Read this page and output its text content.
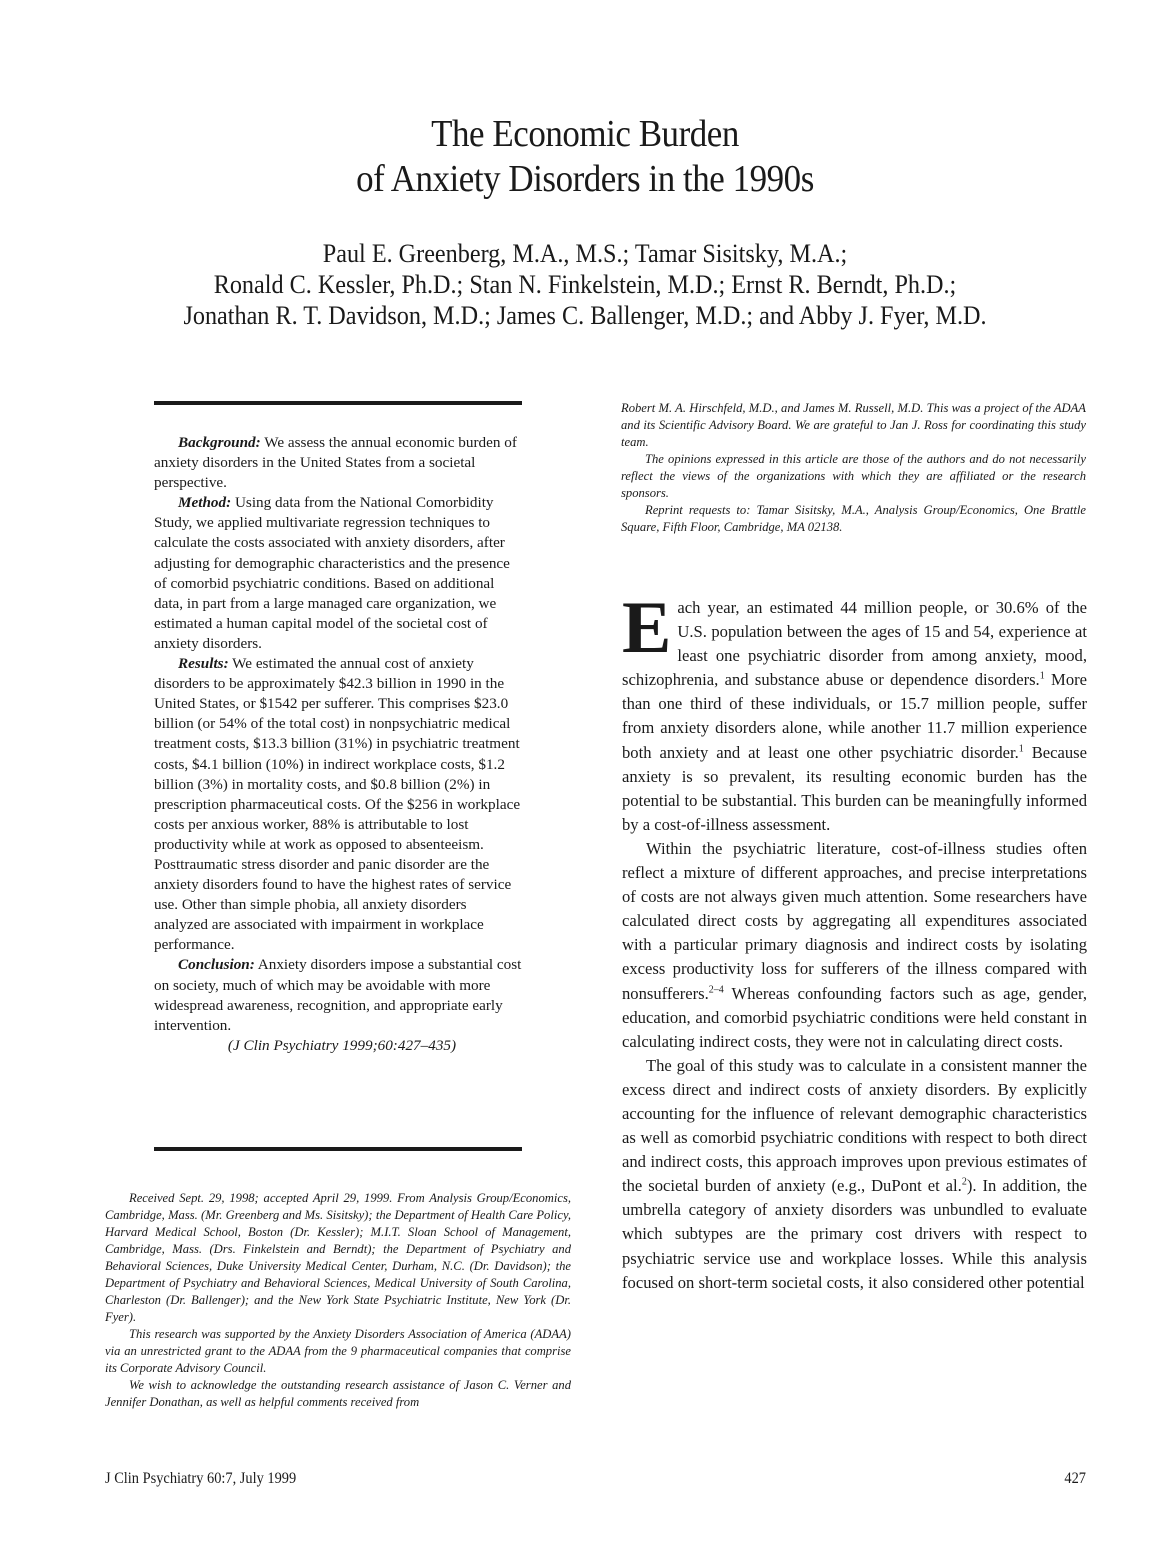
The Economic Burden
of Anxiety Disorders in the 1990s
Paul E. Greenberg, M.A., M.S.; Tamar Sisitsky, M.A.;
Ronald C. Kessler, Ph.D.; Stan N. Finkelstein, M.D.; Ernst R. Berndt, Ph.D.;
Jonathan R. T. Davidson, M.D.; James C. Ballenger, M.D.; and Abby J. Fyer, M.D.

Background: We assess the annual economic burden of anxiety disorders in the United States from a societal perspective.

Method: Using data from the National Comorbidity Study, we applied multivariate regression techniques to calculate the costs associated with anxiety disorders, after adjusting for demographic characteristics and the presence of comorbid psychiatric conditions. Based on additional data, in part from a large managed care organization, we estimated a human capital model of the societal cost of anxiety disorders.

Results: We estimated the annual cost of anxiety disorders to be approximately $42.3 billion in 1990 in the United States, or $1542 per sufferer. This comprises $23.0 billion (or 54% of the total cost) in nonpsychiatric medical treatment costs, $13.3 billion (31%) in psychiatric treatment costs, $4.1 billion (10%) in indirect workplace costs, $1.2 billion (3%) in mortality costs, and $0.8 billion (2%) in prescription pharmaceutical costs. Of the $256 in workplace costs per anxious worker, 88% is attributable to lost productivity while at work as opposed to absenteeism. Posttraumatic stress disorder and panic disorder are the anxiety disorders found to have the highest rates of service use. Other than simple phobia, all anxiety disorders analyzed are associated with impairment in workplace performance.

Conclusion: Anxiety disorders impose a substantial cost on society, much of which may be avoidable with more widespread awareness, recognition, and appropriate early intervention.

(J Clin Psychiatry 1999;60:427–435)

Received Sept. 29, 1998; accepted April 29, 1999. From Analysis Group/Economics, Cambridge, Mass. (Mr. Greenberg and Ms. Sisitsky); the Department of Health Care Policy, Harvard Medical School, Boston (Dr. Kessler); M.I.T. Sloan School of Management, Cambridge, Mass. (Drs. Finkelstein and Berndt); the Department of Psychiatry and Behavioral Sciences, Duke University Medical Center, Durham, N.C. (Dr. Davidson); the Department of Psychiatry and Behavioral Sciences, Medical University of South Carolina, Charleston (Dr. Ballenger); and the New York State Psychiatric Institute, New York (Dr. Fyer).

This research was supported by the Anxiety Disorders Association of America (ADAA) via an unrestricted grant to the ADAA from the 9 pharmaceutical companies that comprise its Corporate Advisory Council.

We wish to acknowledge the outstanding research assistance of Jason C. Verner and Jennifer Donathan, as well as helpful comments received from

Robert M. A. Hirschfeld, M.D., and James M. Russell, M.D. This was a project of the ADAA and its Scientific Advisory Board. We are grateful to Jan J. Ross for coordinating this study team.

The opinions expressed in this article are those of the authors and do not necessarily reflect the views of the organizations with which they are affiliated or the research sponsors.

Reprint requests to: Tamar Sisitsky, M.A., Analysis Group/Economics, One Brattle Square, Fifth Floor, Cambridge, MA 02138.

Each year, an estimated 44 million people, or 30.6% of the U.S. population between the ages of 15 and 54, experience at least one psychiatric disorder from among anxiety, mood, schizophrenia, and substance abuse or dependence disorders.$^1$ More than one third of these individuals, or 15.7 million people, suffer from anxiety disorders alone, while another 11.7 million experience both anxiety and at least one other psychiatric disorder.$^1$ Because anxiety is so prevalent, its resulting economic burden has the potential to be substantial. This burden can be meaningfully informed by a cost-of-illness assessment.

Within the psychiatric literature, cost-of-illness studies often reflect a mixture of different approaches, and precise interpretations of costs are not always given much attention. Some researchers have calculated direct costs by aggregating all expenditures associated with a particular primary diagnosis and indirect costs by isolating excess productivity loss for sufferers of the illness compared with nonsufferers.$^{2-4}$ Whereas confounding factors such as age, gender, education, and comorbid psychiatric conditions were held constant in calculating indirect costs, they were not in calculating direct costs.

The goal of this study was to calculate in a consistent manner the excess direct and indirect costs of anxiety disorders. By explicitly accounting for the influence of relevant demographic characteristics as well as comorbid psychiatric conditions with respect to both direct and indirect costs, this approach improves upon previous estimates of the societal burden of anxiety (e.g., DuPont et al.$^2$). In addition, the umbrella category of anxiety disorders was unbundled to evaluate which subtypes are the primary cost drivers with respect to psychiatric service use and workplace losses. While this analysis focused on short-term societal costs, it also considered other potential

J Clin Psychiatry 60:7, July 1999	427
